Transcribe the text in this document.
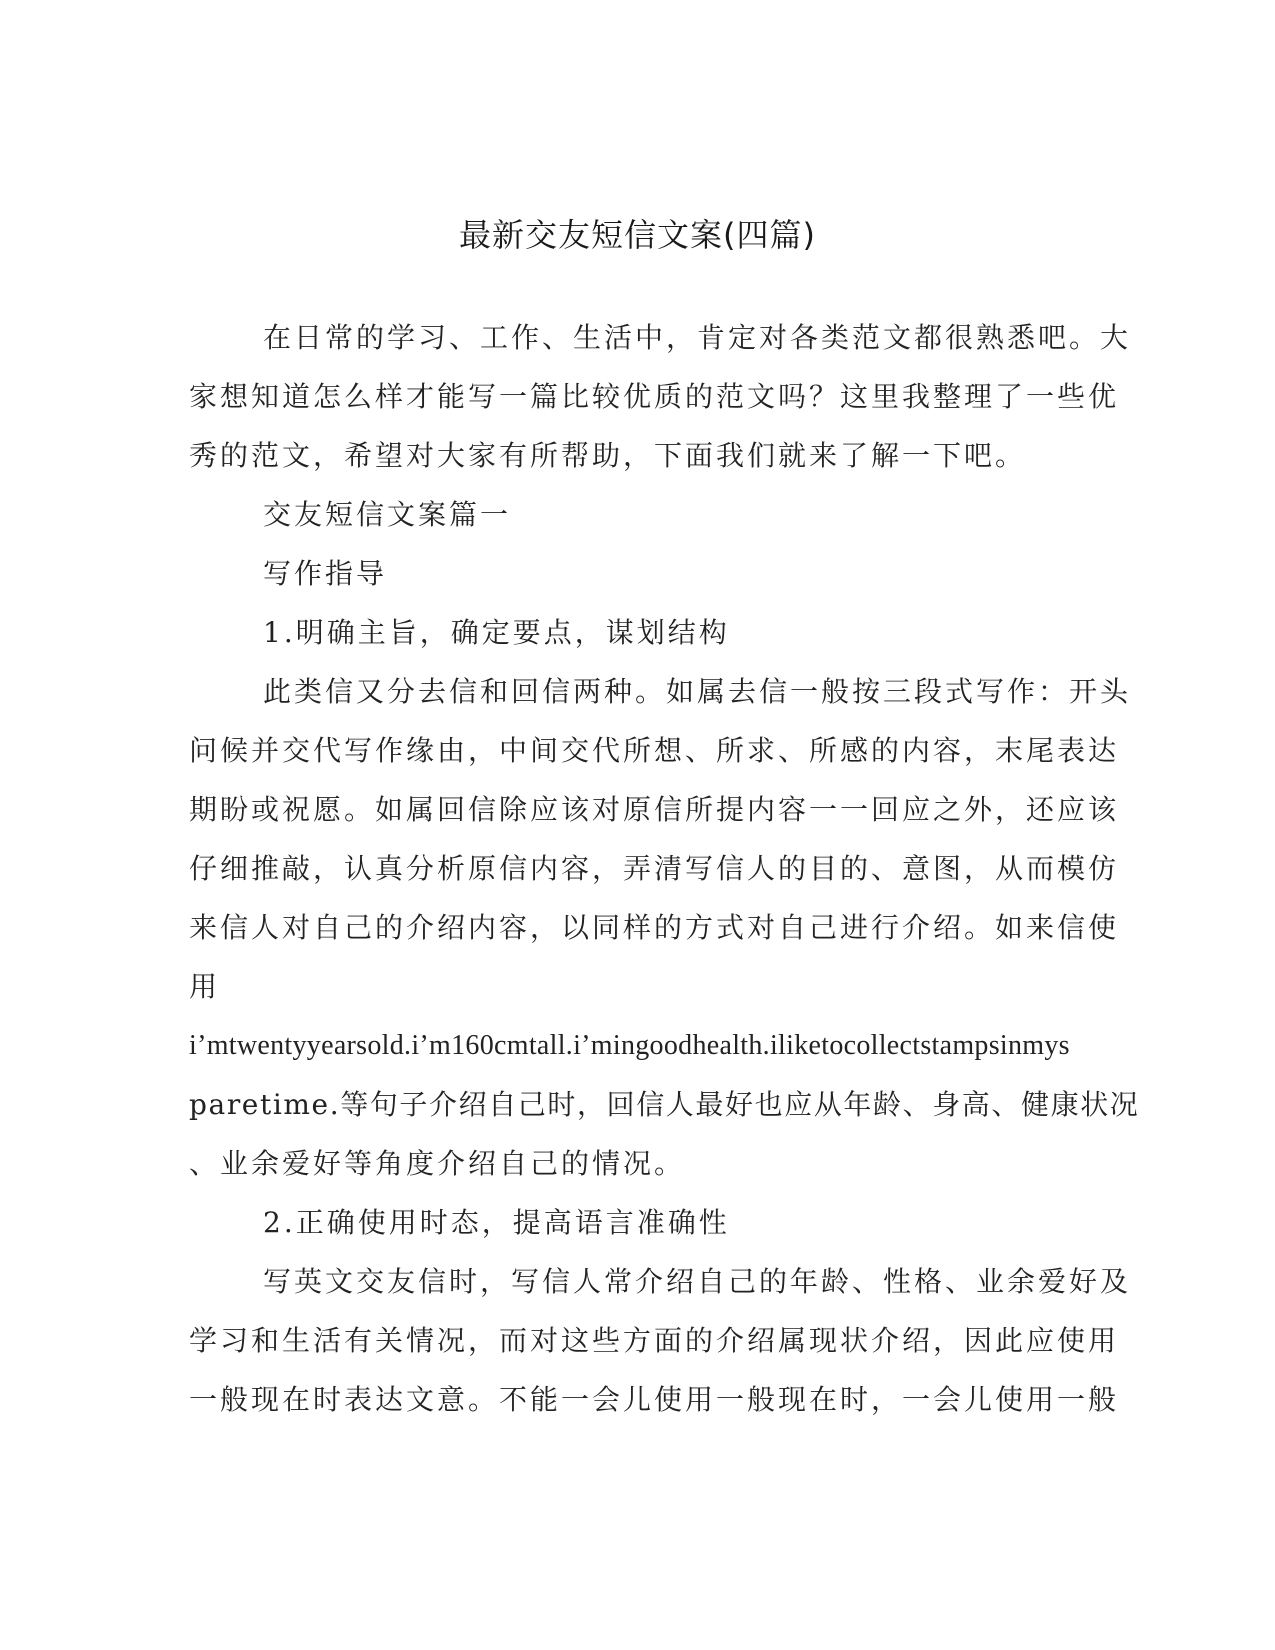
最新交友短信文案(四篇)
在日常的学习、工作、生活中，肯定对各类范文都很熟悉吧。大
家想知道怎么样才能写一篇比较优质的范文吗？这里我整理了一些优
秀的范文，希望对大家有所帮助，下面我们就来了解一下吧。
交友短信文案篇一
写作指导
1.明确主旨，确定要点，谋划结构
此类信又分去信和回信两种。如属去信一般按三段式写作：开头
问候并交代写作缘由，中间交代所想、所求、所感的内容，末尾表达
期盼或祝愿。如属回信除应该对原信所提内容一一回应之外，还应该
仔细推敲，认真分析原信内容，弄清写信人的目的、意图，从而模仿
来信人对自己的介绍内容，以同样的方式对自己进行介绍。如来信使
用
i’mtwentyyearsold.i’m160cmtall.i’mingoodhealth.iliketocollectstampsinmys
paretime.等句子介绍自己时，回信人最好也应从年龄、身高、健康状况
、业余爱好等角度介绍自己的情况。
2.正确使用时态，提高语言准确性
写英文交友信时，写信人常介绍自己的年龄、性格、业余爱好及
学习和生活有关情况，而对这些方面的介绍属现状介绍，因此应使用
一般现在时表达文意。不能一会儿使用一般现在时，一会儿使用一般
